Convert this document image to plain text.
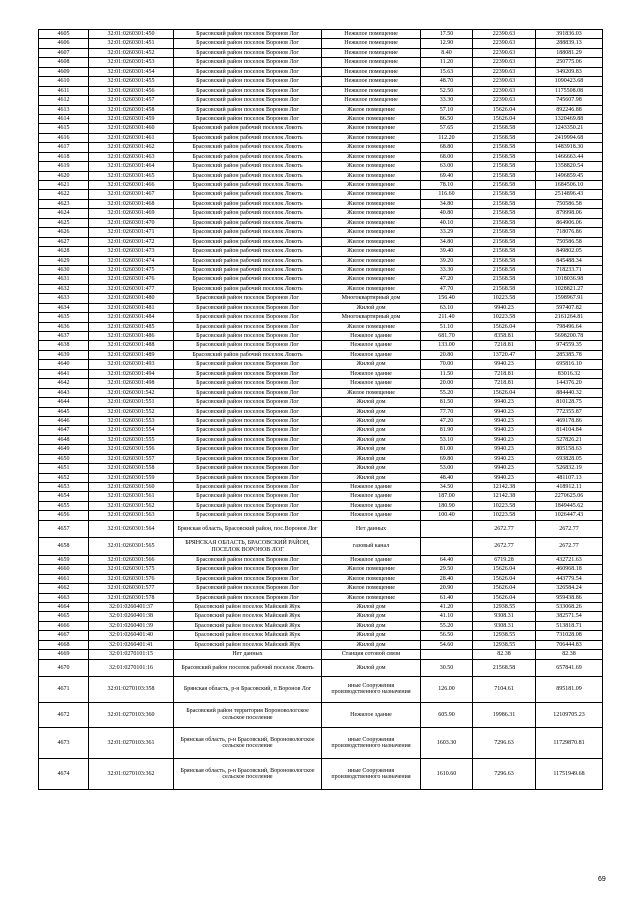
4605	32:01:0260301:450	Брасовский район поселок Воронов Лог	Нежилое помещение	17.50	22390.63	391836.03
4606	32:01:0260301:451	Брасовский район поселок Воронов Лог	Нежилое помещение	12.90	22390.63	288839.13
4607	32:01:0260301:452	Брасовский район поселок Воронов Лог	Нежилое помещение	8.40	22390.63	188081.29
4608	32:01:0260301:453	Брасовский район поселок Воронов Лог	Нежилое помещение	11.20	22390.63	250775.06
4609	32:01:0260301:454	Брасовский район поселок Воронов Лог	Нежилое помещение	15.63	22390.63	349209.83
4610	32:01:0260301:455	Брасовский район поселок Воронов Лог	Нежилое помещение	48.70	22390.63	1090423.68
4611	32:01:0260301:456	Брасовский район поселок Воронов Лог	Нежилое помещение	52.50	22390.63	1175508.08
4612	32:01:0260301:457	Брасовский район поселок Воронов Лог	Нежилое помещение	33.30	22390.63	745607.98
4613	32:01:0260301:458	Брасовский район поселок Воронов Лог	Жилое помещение	57.10	15626.04	892246.88
4614	32:01:0260301:459	Брасовский район поселок Воронов Лог	Жилое помещение	86.50	15626.04	1320469.88
4615	32:01:0260301:460	Брасовский район рабочий поселок Локоть	Жилое помещение	57.65	21568.58	1243350.21
4616	32:01:0260301:461	Брасовский район рабочий поселок Локоть	Жилое помещение	112.20	21568.58	2419994.68
4617	32:01:0260301:462	Брасовский район рабочий поселок Локоть	Жилое помещение	68.80	21568.58	1483918.30
4618	32:01:0260301:463	Брасовский район рабочий поселок Локоть	Жилое помещение	68.00	21568.58	1466663.44
4619	32:01:0260301:464	Брасовский район рабочий поселок Локоть	Жилое помещение	63.00	21568.58	1358820.54
4620	32:01:0260301:465	Брасовский район рабочий поселок Локоть	Жилое помещение	69.40	21568.58	1496859.45
4621	32:01:0260301:466	Брасовский район рабочий поселок Локоть	Жилое помещение	78.10	21568.58	1684506.10
4622	32:01:0260301:467	Брасовский район рабочий поселок Локоть	Жилое помещение	116.60	21568.58	2514896.43
4623	32:01:0260301:468	Брасовский район рабочий поселок Локоть	Жилое помещение	34.80	21568.58	750586.58
4624	32:01:0260301:469	Брасовский район рабочий поселок Локоть	Жилое помещение	40.80	21568.58	879998.06
4625	32:01:0260301:470	Брасовский район рабочий поселок Локоть	Жилое помещение	40.10	21568.58	864906.06
4626	32:01:0260301:471	Брасовский район рабочий поселок Локоть	Жилое помещение	33.29	21568.58	718076.86
4627	32:01:0260301:472	Брасовский район рабочий поселок Локоть	Жилое помещение	34.80	21568.58	750586.58
4628	32:01:0260301:473	Брасовский район рабочий поселок Локоть	Жилое помещение	39.40	21568.58	849802.05
4629	32:01:0260301:474	Брасовский район рабочий поселок Локоть	Жилое помещение	39.20	21568.58	845488.34
4630	32:01:0260301:475	Брасовский район рабочий поселок Локоть	Жилое помещение	33.30	21568.58	718233.71
4631	32:01:0260301:476	Брасовский район рабочий поселок Локоть	Жилое помещение	47.20	21568.58	1018036.98
4632	32:01:0260301:477	Брасовский район рабочий поселок Локоть	Жилое помещение	47.70	21568.58	1028821.27
4633	32:01:0260301:480	Брасовский район поселок Воронов Лог	Многоквартирный дом	156.40	10223.58	1598967.91
4634	32:01:0260301:481	Брасовский район поселок Воронов Лог	Жилой дом	63.10	9940.23	597407.82
4635	32:01:0260301:484	Брасовский район поселок Воронов Лог	Многоквартирный дом	211.40	10223.58	2161264.81
4636	32:01:0260301:485	Брасовский район поселок Воронов Лог	Жилое помещение	51.10	15626.04	798496.64
4637	32:01:0260301:486	Брасовский район поселок Воронов Лог	Нежилое здание	681.70	8358.81	5698200.78
4638	32:01:0260301:488	Брасовский район поселок Воронов Лог	Нежилое здание	133.00	7218.81	974559.35
4639	32:01:0260301:489	Брасовский район рабочий поселок Локоть	Нежилое здание	20.80	13720.47	285385.78
4640	32:01:0260301:493	Брасовский район поселок Воронов Лог	Жилой дом	70.00	9940.23	695816.10
4641	32:01:0260301:494	Брасовский район поселок Воронов Лог	Нежилое здание	11.50	7218.81	83016.32
4642	32:01:0260301:498	Брасовский район поселок Воронов Лог	Нежилое здание	20.00	7218.81	144376.20
4643	32:01:0260301:542	Брасовский район поселок Воронов Лог	Жилое помещение	55.20	15626.04	884440.32
4644	32:01:0260301:551	Брасовский район поселок Воронов Лог	Жилой дом	81.50	9940.23	810128.75
4645	32:01:0260301:552	Брасовский район поселок Воронов Лог	Жилой дом	77.70	9940.23	772355.87
4646	32:01:0260301:553	Брасовский район поселок Воронов Лог	Жилой дом	47.20	9940.23	469178.86
4647	32:01:0260301:554	Брасовский район поселок Воронов Лог	Жилой дом	81.90	9940.23	814104.84
4648	32:01:0260301:555	Брасовский район поселок Воронов Лог	Жилой дом	53.10	9940.23	527826.21
4649	32:01:0260301:556	Брасовский район поселок Воронов Лог	Жилой дом	81.00	9940.23	805158.63
4650	32:01:0260301:557	Брасовский район поселок Воронов Лог	Жилой дом	69.80	9940.23	693828.05
4651	32:01:0260301:558	Брасовский район поселок Воронов Лог	Жилой дом	53.00	9940.23	526832.19
4652	32:01:0260301:559	Брасовский район поселок Воронов Лог	Жилой дом	48.40	9940.23	481107.13
4653	32:01:0260301:560	Брасовский район поселок Воронов Лог	Нежилое здание	34.50	12142.38	418912.11
4654	32:01:0260301:561	Брасовский район поселок Воронов Лог	Нежилое здание	187.00	12142.38	2270625.06
4655	32:01:0260301:562	Брасовский район поселок Воронов Лог	Нежилое здание	180.90	10223.58	1849445.62
4656	32:01:0260301:563	Брасовский район поселок Воронов Лог	Нежилое здание	100.40	10223.58	1026447.43
4657	32:01:0260301:564	Брянская область, Брасовский район, пос.Воронов Лог	Нет данных		2672.77	2672.77
4658	32:01:0260301:565	БРЯНСКАЯ ОБЛАСТЬ, БРАСОВСКИЙ РАЙОН, ПОСЕЛОК ВОРОНОВ ЛОГ	газовый канал		2672.77	2672.77
4659	32:01:0260301:566	Брасовский район поселок Воронов Лог	Нежилое здание	64.40	6719.28	432721.63
4660	32:01:0260301:575	Брасовский район поселок Воронов Лог	Жилое помещение	29.50	15626.04	460968.18
4661	32:01:0260301:576	Брасовский район поселок Воронов Лог	Жилое помещение	28.40	15626.04	443779.54
4662	32:01:0260301:577	Брасовский район поселок Воронов Лог	Жилое помещение	20.90	15626.04	326584.24
4663	32:01:0260301:578	Брасовский район поселок Воронов Лог	Жилое помещение	61.40	15626.04	959438.86
4664	32:01:0260401:37	Брасовский район поселок Майский Жук	Жилой дом	41.20	12938.55	533068.26
4665	32:01:0260401:38	Брасовский район поселок Майский Жук	Жилой дом	41.10	9308.31	382571.54
4666	32:01:0260401:39	Брасовский район поселок Майский Жук	Жилой дом	55.20	9308.31	513818.71
4667	32:01:0260401:40	Брасовский район поселок Майский Жук	Жилой дом	56.50	12938.55	731028.08
4668	32:01:0260401:41	Брасовский район поселок Майский Жук	Жилой дом	54.60	12938.55	706444.83
4669	32:01:0270101:15	Нет данных	Станция сотовой связи		82.38	82.38
4670	32:01:0270101:16	Брасовский район поселок рабочий поселок Локоть	Жилой дом	30.50	21568.58	657841.69
4671	32:01:0270103:358	Брянская область, р-н Брасовский, п Воронов Лог	иные Сооружения производственного назначения	126.00	7104.61	895181.09
4672	32:01:0270103:360	Брасовский район территория Вороновологское сельское поселение	Нежилое здание	605.90	19986.31	12109705.23
4673	32:01:0270103:361	Брянская область, р-н Брасовский, Вороновологское сельское поселение	иные Сооружения производственного назначения	1603.30	7296.63	11729870.81
4674	32:01:0270103:362	Брянская область, р-н Брасовский, Вороновологское сельское поселение	иные Сооружения производственного назначения	1610.60	7296.63	11751949.68
69
